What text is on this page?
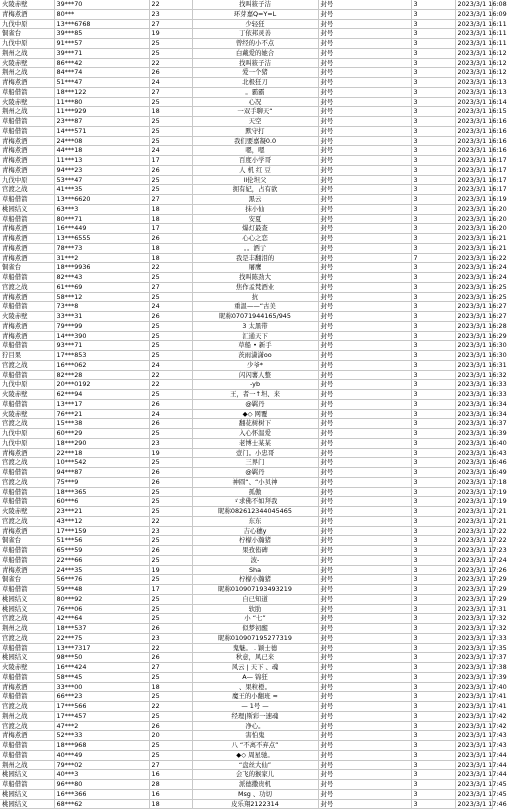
火陵赤壁	39***70	22	找叫筱子洁	封号	3	2023/3/1 16:08
青梅煮酒	80***	23	环芽嘉Q=Y=L	封号	3	2023/3/1 16:09
九伐中原	13***6768	27	少轻狂	封号	3	2023/3/1 16:11
铜雀台	39***85	19	丁依邦灵善	封号	3	2023/3/1 16:11
九伐中原	91***57	25	曾经的小不点	封号	3	2023/3/1 16:11
荆州之战	39***71	25	白戴爱的她合	封号	3	2023/3/1 16:12
火陵赤壁	86***42	22	找叫筱子洁	封号	3	2023/3/1 16:12
荆州之战	84***74	26	爱一个猪	封号	3	2023/3/1 16:12
青梅煮酒	51***47	24	北极狂刀	封号	3	2023/3/1 16:13
草船借箭	18***122	27	。霸霸	封号	3	2023/3/1 16:13
火陵赤壁	11***80	25	心况	封号	3	2023/3/1 16:14
荆州之战	11***929	18	一双手聊天“	封号	3	2023/3/1 16:15
草船借箭	23***87	25	天空	封号	3	2023/3/1 16:16
草船借箭	14***571	25	默守打	封号	3	2023/3/1 16:16
青梅煮酒	24***08	25	我们要嘉凝0.0	封号	3	2023/3/1 16:16
青梅煮酒	44***18	24	嗯，嗯	封号	3	2023/3/1 16:16
青梅煮酒	11***13	17	百度小学哥	封号	3	2023/3/1 16:17
青梅煮酒	94***23	26	人 机 红 豆	封号	3	2023/3/1 16:17
九伐中原	53***47	25	ll伦坦父	封号	3	2023/3/1 16:17
官渡之战	41***35	25	拥有妃，占有欲	封号	3	2023/3/1 16:17
草船借箭	13***6620	27	黑云	封号	3	2023/3/1 16:19
桃园结义	63***3	18	抹小仙	封号	3	2023/3/1 16:20
草船借箭	80***71	18	安夏	封号	3	2023/3/1 16:20
青梅煮酒	16***449	17	爆灯最查	封号	3	2023/3/1 16:20
青梅煮酒	13***6555	26	心心之恋	封号	3	2023/3/1 16:21
青梅煮酒	78***73	18	。。洒亍	封号	3	2023/3/1 16:21
青梅煮酒	31***2	18	我是丰翻泪的	封号	7	2023/3/1 16:22
铜雀台	18***9936	22	屠鹰	封号	3	2023/3/1 16:24
草船借箭	82***43	25	找叫陈劲大	封号	3	2023/3/1 16:24
官渡之战	61***69	27	焦作孟梵酒业	封号	3	2023/3/1 16:25
青梅煮酒	58***12	25	抗	封号	3	2023/3/1 16:25
草船借箭	73***8	24	重温——“古美	封号	3	2023/3/1 16:27
火陵赤壁	33***31	26	昵称07071944165/945	封号	3	2023/3/1 16:27
青梅煮酒	79***99	25	3 太黑带	封号	3	2023/3/1 16:28
青梅煮酒	14***390	25	汇通天下	封号	3	2023/3/1 16:29
草船借箭	93***71	25	草船 • 新手	封号	3	2023/3/1 16:30
狞目果	17***853	25	茨雨潇潇oo	封号	3	2023/3/1 16:30
官渡之战	16***062	24	少爷*	封号	3	2023/3/1 16:31
草船借箭	82***28	22	闪闪薯人整	封号	3	2023/3/1 16:32
九伐中原	20***0192	22	-yb	封号	3	2023/3/1 16:33
火陵赤壁	62***94	25	王，者一↑坦、来	封号	3	2023/3/1 16:33
草船借箭	13***17	26	@羁丹	封号	3	2023/3/1 16:34
火陵赤壁	76***21	24	◆◇ 网覆	封号	3	2023/3/1 16:34
官渡之战	15***38	26	翻花树树下	封号	3	2023/3/1 16:37
九伐中原	60***29	25	入心怀温爱	封号	3	2023/3/1 16:39
九伐中原	18***290	23	老博士某某	封号	3	2023/3/1 16:40
青梅煮酒	22***18	19	壹门。小忠哥	封号	3	2023/3/1 16:43
官渡之战	10***542	25	三界门	封号	3	2023/3/1 16:46
草船借箭	94***87	26	@羁丹	封号	3	2023/3/1 16:49
官渡之战	75***9	26	神圆“、“小贝神	封号	3	2023/3/1 17:18
草船借箭	18***365	25	孤傲	封号	3	2023/3/1 17:19
草船借箭	60***6	25	ゞ求佛不如拜我	封号	3	2023/3/1 17:19
火陵赤壁	23***21	25	昵称082612344045465	封号	3	2023/3/1 17:21
官渡之战	43***12	22	东东	封号	3	2023/3/1 17:21
青梅煮酒	17***159	23	吉心穗y	封号	3	2023/3/1 17:22
铜雀台	51***56	25	柠檬小瀚猪	封号	3	2023/3/1 17:22
草船借箭	65***59	26	果孜侑碑	封号	3	2023/3/1 17:23
草船借箭	22***66	25	波-	封号	3	2023/3/1 17:24
青梅煮酒	24***35	19	Sha	封号	3	2023/3/1 17:26
铜雀台	56***76	25	柠檬小瀚猪	封号	3	2023/3/1 17:29
草船借箭	59***48	17	昵称010907193493219	封号	3	2023/3/1 17:29
桃园结义	80***92	25	自已知道	封号	3	2023/3/1 17:29
桃园结义	76***06	25	软肋	封号	3	2023/3/1 17:31
官渡之战	42***64	25	小 “七”	封号	3	2023/3/1 17:32
荆州之战	18***537	26	似梦初醒	封号	3	2023/3/1 17:32
官渡之战	22***75	23	昵称010907195277319	封号	3	2023/3/1 17:33
草船借箭	13***7317	22	鬼魅。 . 颖士德	封号	3	2023/3/1 17:35
桃园结义	98***50	26	秋意，风已来	封号	3	2023/3/1 17:37
火陵赤壁	16***424	27	风云 | 天下 、魂	封号	3	2023/3/1 17:38
草船借箭	58***45	25	A— 锦狂	封号	3	2023/3/1 17:39
青梅煮酒	33***00	18	、果粒橙。	封号	3	2023/3/1 17:40
草船借箭	66***23	25	魔王的小翻班 ≈	封号	3	2023/3/1 17:41
官渡之战	17***566	22	— 1号 —	封号	3	2023/3/1 17:41
荆州之战	17***457	25	经理|斯彩一速魂	封号	3	2023/3/1 17:42
官渡之战	47***2	26	净心。	封号	3	2023/3/1 17:42
青梅煮酒	52***33	20	害怕鬼	封号	3	2023/3/1 17:43
草船借箭	18***968	25	八 “不离不弃点”	封号	3	2023/3/1 17:43
草船借箭	40***49	25	◆◇ 周星驰。	封号	3	2023/3/1 17:44
荆州之战	79***02	27	“盘丝大仙”	封号	3	2023/3/1 17:44
桃园结义	40***3	16	会飞的猴家儿	封号	3	2023/3/1 17:44
草船借箭	96***80	28	派德撒贵机	封号	3	2023/3/1 17:45
桃园结义	16***366	16	Msg 、功切	封号	3	2023/3/1 17:45
桃园结义	68***62	18	皮乐翔2122314	封号	3	2023/3/1 17:46
